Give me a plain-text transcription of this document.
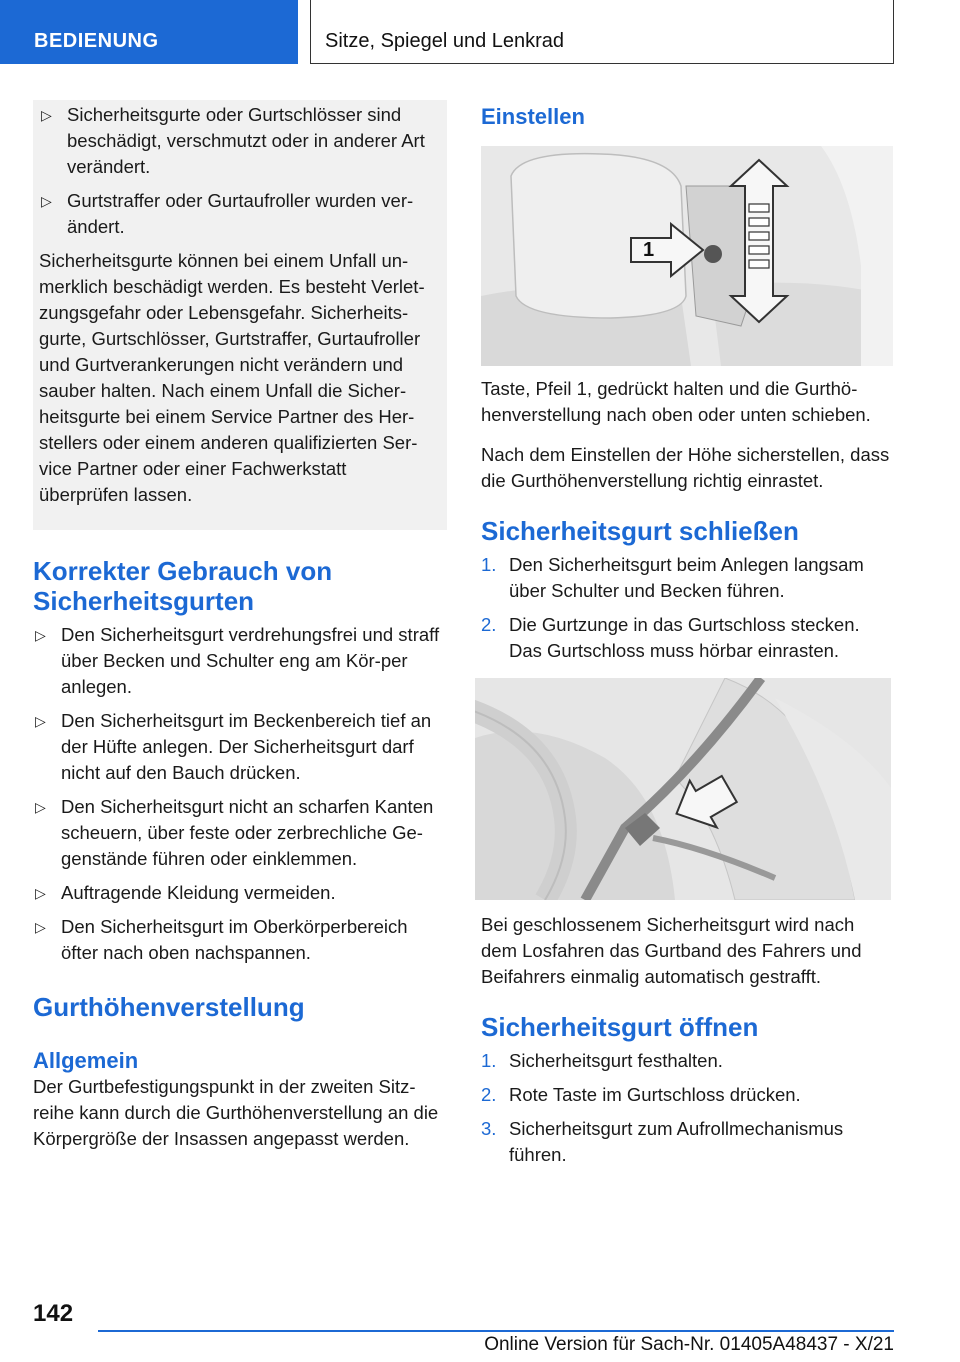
BEDIENUNG	Sitze, Spiegel und Lenkrad
▷ Sicherheitsgurte oder Gurtschlösser sind beschädigt, verschmutzt oder in anderer Art verändert.
▷ Gurtstraffer oder Gurtaufroller wurden ver-ändert.

Sicherheitsgurte können bei einem Unfall un-merklich beschädigt werden. Es besteht Verlet-zungsgefahr oder Lebensgefahr. Sicherheits-gurte, Gurtschlösser, Gurtstraffer, Gurtaufroller und Gurtverankerungen nicht verändern und sauber halten. Nach einem Unfall die Sicher-heitsgurte bei einem Service Partner des Her-stellers oder einem anderen qualifizierten Ser-vice Partner oder einer Fachwerkstatt überprüfen lassen.

Korrekter Gebrauch von Sicherheitsgurten
▷ Den Sicherheitsgurt verdrehungsfrei und straff über Becken und Schulter eng am Kör-per anlegen.
▷ Den Sicherheitsgurt im Beckenbereich tief an der Hüfte anlegen. Der Sicherheitsgurt darf nicht auf den Bauch drücken.
▷ Den Sicherheitsgurt nicht an scharfen Kanten scheuern, über feste oder zerbrechliche Ge-genstände führen oder einklemmen.
▷ Auftragende Kleidung vermeiden.
▷ Den Sicherheitsgurt im Oberkörperbereich öfter nach oben nachspannen.
Gurthöhenverstellung
Allgemein

Der Gurtbefestigungspunkt in der zweiten Sitz-reihe kann durch die Gurthöhenverstellung an die Körpergröße der Insassen angepasst werden.

Einstellen
1

Taste, Pfeil 1, gedrückt halten und die Gurthö-henverstellung nach oben oder unten schieben.

Nach dem Einstellen der Höhe sicherstellen, dass die Gurthöhenverstellung richtig einrastet.

Sicherheitsgurt schließen
1. Den Sicherheitsgurt beim Anlegen langsam über Schulter und Becken führen.
2. Die Gurtzunge in das Gurtschloss stecken. Das Gurtschloss muss hörbar einrasten.

Bei geschlossenem Sicherheitsgurt wird nach dem Losfahren das Gurtband des Fahrers und Beifahrers einmalig automatisch gestrafft.

Sicherheitsgurt öffnen
1. Sicherheitsgurt festhalten.
2. Rote Taste im Gurtschloss drücken.
3. Sicherheitsgurt zum Aufrollmechanismus führen.
142
Online Version für Sach-Nr. 01405A48437 - X/21
